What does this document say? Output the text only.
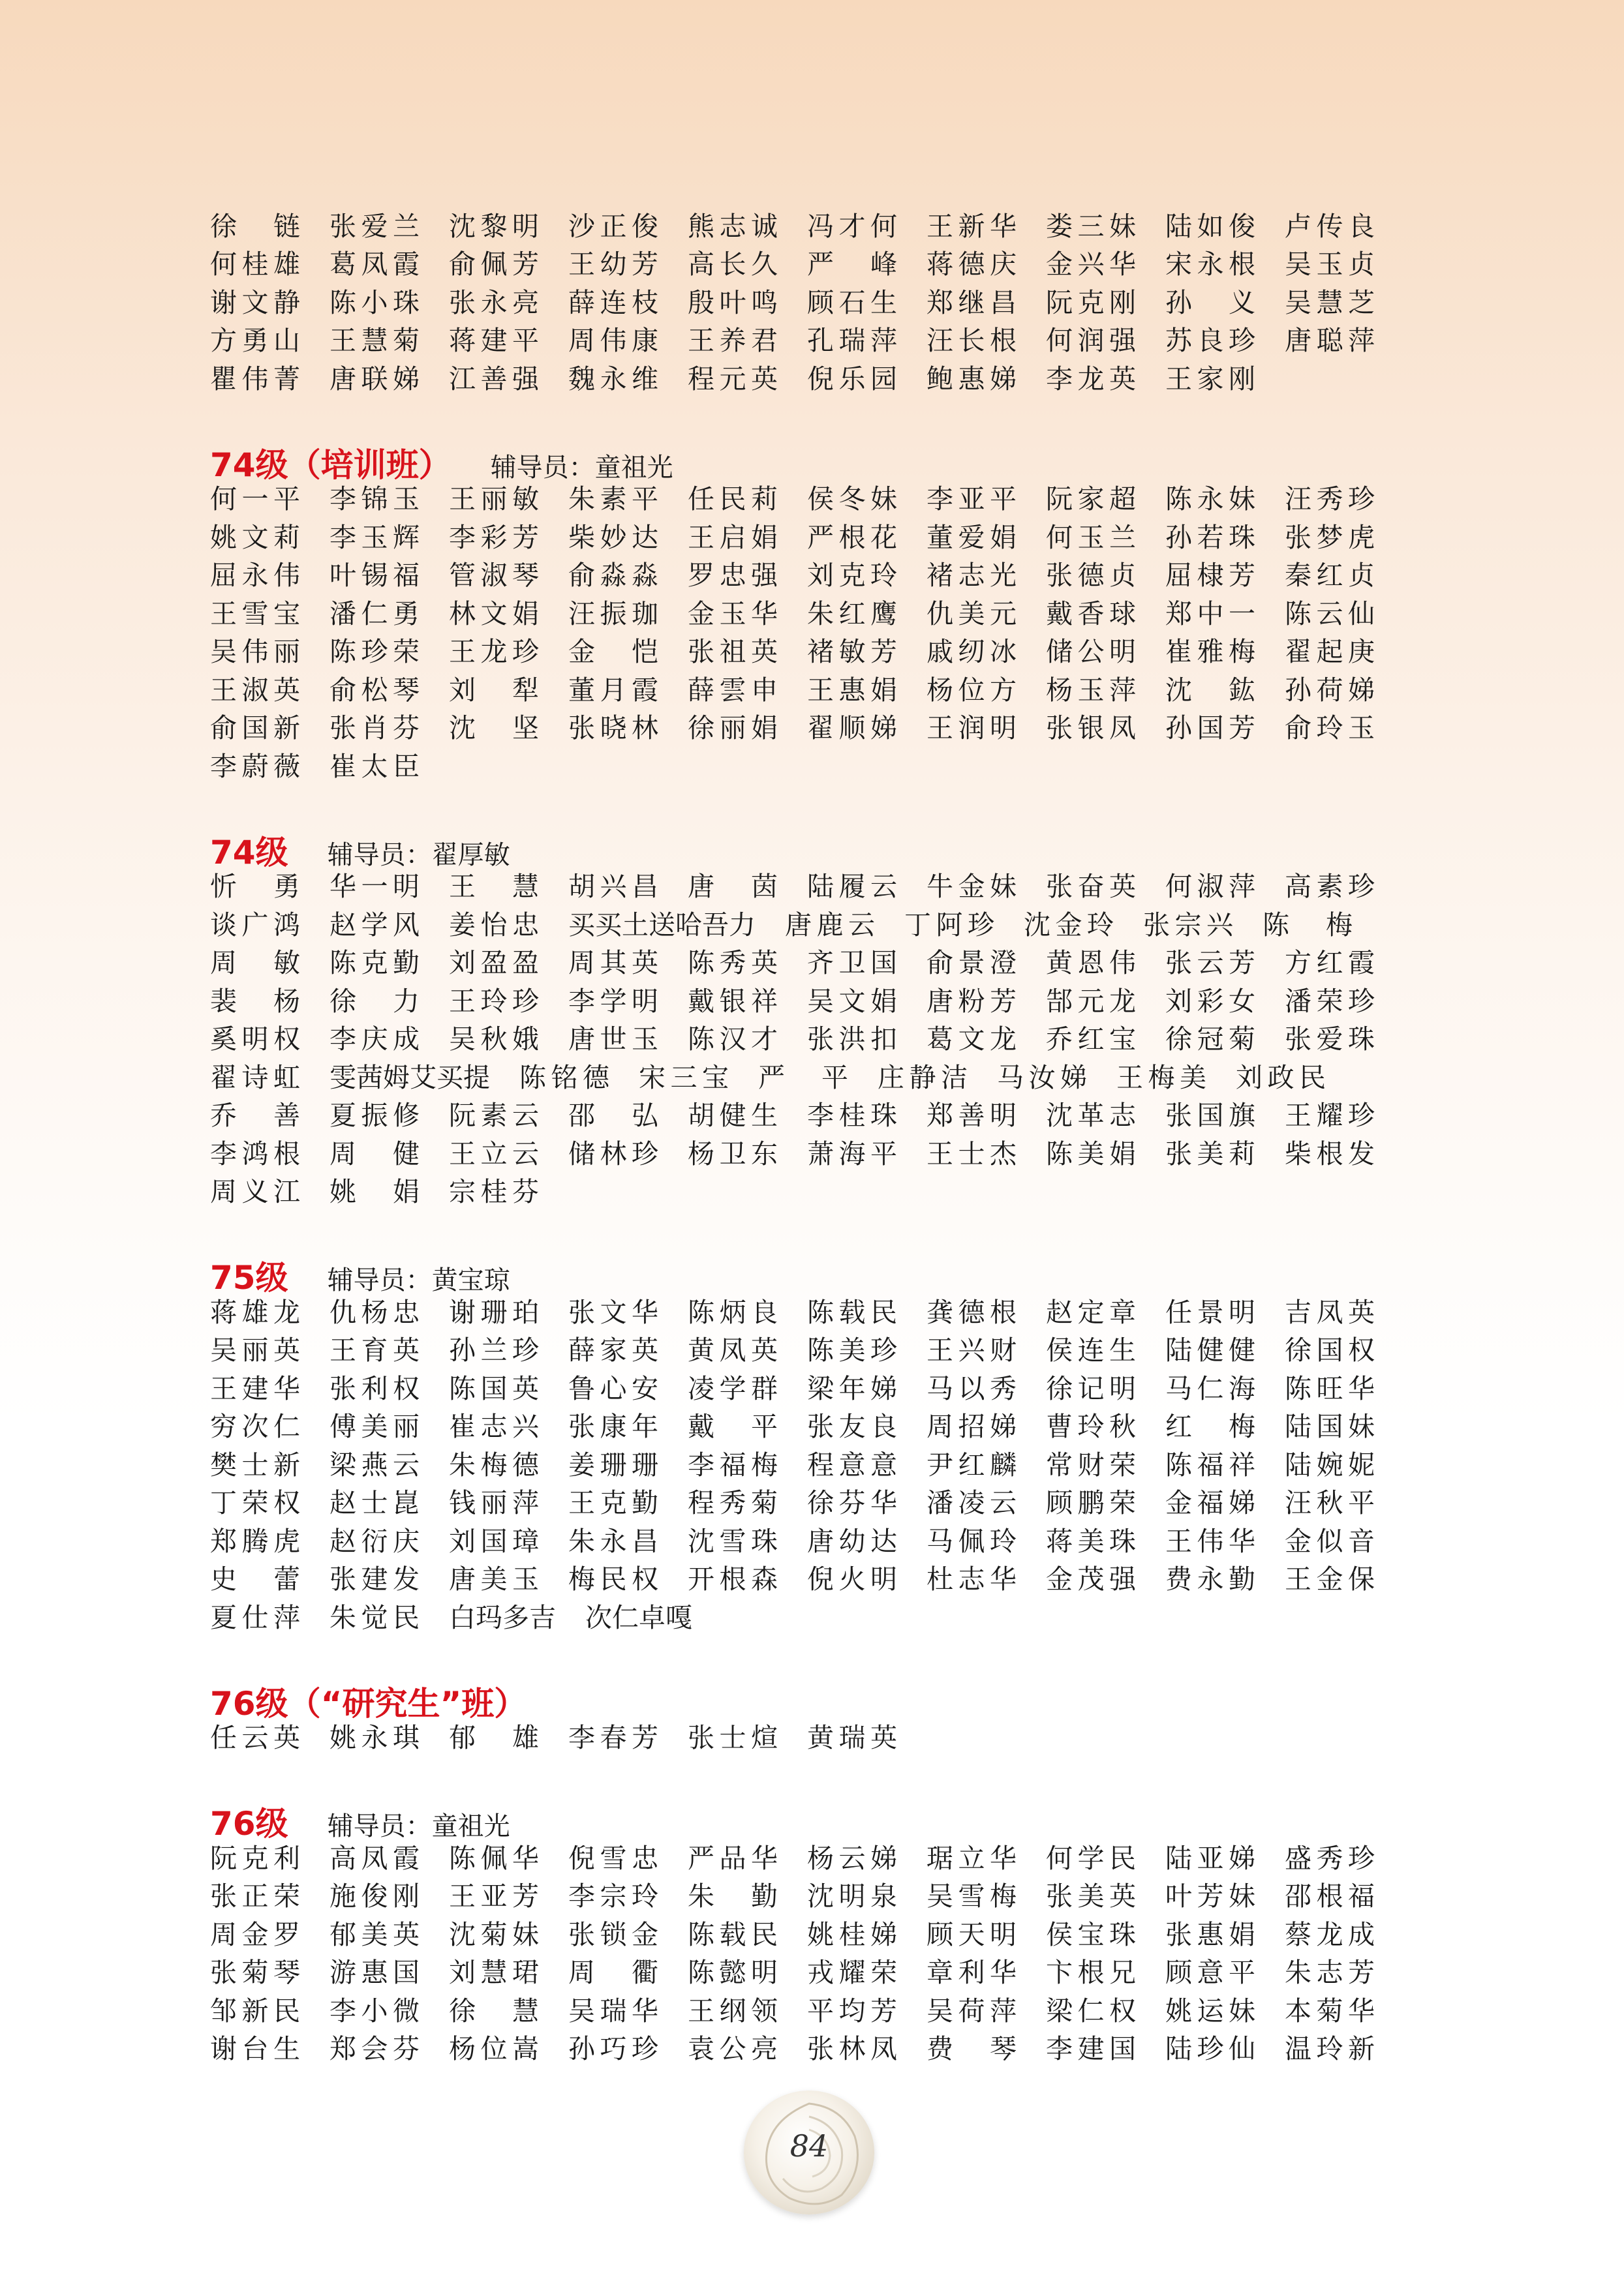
徐　链	张爱兰	沈黎明	沙正俊	熊志诚	冯才何	王新华	娄三妹	陆如俊	卢传良
何桂雄	葛凤霞	俞佩芳	王幼芳	高长久	严　峰	蒋德庆	金兴华	宋永根	吴玉贞
谢文静	陈小珠	张永亮	薛连枝	殷叶鸣	顾石生	郑继昌	阮克刚	孙　义	吴慧芝
方勇山	王慧菊	蒋建平	周伟康	王养君	孔瑞萍	汪长根	何润强	苏良珍	唐聪萍
瞿伟菁	唐联娣	江善强	魏永维	程元英	倪乐园	鲍惠娣	李龙英	王家刚
74级（培训班） 辅导员：童祖光
何一平	李锦玉	王丽敏	朱素平	任民莉	侯冬妹	李亚平	阮家超	陈永妹	汪秀珍
姚文莉	李玉辉	李彩芳	柴妙达	王启娟	严根花	董爱娟	何玉兰	孙若珠	张梦虎
屈永伟	叶锡福	管淑琴	俞淼淼	罗忠强	刘克玲	褚志光	张德贞	屈棣芳	秦红贞
王雪宝	潘仁勇	林文娟	汪振珈	金玉华	朱红鹰	仇美元	戴香球	郑中一	陈云仙
吴伟丽	陈珍荣	王龙珍	金　恺	张祖英	褚敏芳	戚纫冰	储公明	崔雅梅	翟起庚
王淑英	俞松琴	刘　犁	董月霞	薛雲申	王惠娟	杨位方	杨玉萍	沈　鈜	孙荷娣
俞国新	张肖芬	沈　坚	张晓林	徐丽娟	翟顺娣	王润明	张银凤	孙国芳	俞玲玉
李蔚薇	崔太臣
74级 辅导员：翟厚敏
忻　勇	华一明	王　慧	胡兴昌	唐　茵	陆履云	牛金妹	张奋英	何淑萍	高素珍
谈广鸿	赵学风	姜怡忠	买买土送哈吾力	唐鹿云	丁阿珍	沈金玲	张宗兴	陈　梅
周　敏	陈克勤	刘盈盈	周其英	陈秀英	齐卫国	俞景澄	黄恩伟	张云芳	方红霞
裴　杨	徐　力	王玲珍	李学明	戴银祥	吴文娟	唐粉芳	郜元龙	刘彩女	潘荣珍
奚明权	李庆成	吴秋娥	唐世玉	陈汉才	张洪扣	葛文龙	乔红宝	徐冠菊	张爱珠
翟诗虹	雯茜姆艾买提	陈铭德	宋三宝	严　平	庄静洁	马汝娣	王梅美	刘政民
乔　善	夏振修	阮素云	邵　弘	胡健生	李桂珠	郑善明	沈革志	张国旗	王耀珍
李鸿根	周　健	王立云	储林珍	杨卫东	萧海平	王士杰	陈美娟	张美莉	柴根发
周义江	姚　娟	宗桂芬
75级 辅导员：黄宝琼
蒋雄龙	仇杨忠	谢珊珀	张文华	陈炳良	陈载民	龚德根	赵定章	任景明	吉凤英
吴丽英	王育英	孙兰珍	薛家英	黄凤英	陈美珍	王兴财	侯连生	陆健健	徐国权
王建华	张利权	陈国英	鲁心安	凌学群	梁年娣	马以秀	徐记明	马仁海	陈旺华
穷次仁	傅美丽	崔志兴	张康年	戴　平	张友良	周招娣	曹玲秋	红　梅	陆国妹
樊士新	梁燕云	朱梅德	姜珊珊	李福梅	程意意	尹红麟	常财荣	陈福祥	陆婉妮
丁荣权	赵士崑	钱丽萍	王克勤	程秀菊	徐芬华	潘凌云	顾鹏荣	金福娣	汪秋平
郑腾虎	赵衍庆	刘国璋	朱永昌	沈雪珠	唐幼达	马佩玲	蒋美珠	王伟华	金似音
史　蕾	张建发	唐美玉	梅民权	开根森	倪火明	杜志华	金茂强	费永勤	王金保
夏仕萍	朱觉民	白玛多吉	次仁卓嘎
76级（“研究生”班）
任云英	姚永琪	郁　雄	李春芳	张士煊	黄瑞英
76级 辅导员：童祖光
阮克利	高凤霞	陈佩华	倪雪忠	严品华	杨云娣	琚立华	何学民	陆亚娣	盛秀珍
张正荣	施俊刚	王亚芳	李宗玲	朱　勤	沈明泉	吴雪梅	张美英	叶芳妹	邵根福
周金罗	郁美英	沈菊妹	张锁金	陈载民	姚桂娣	顾天明	侯宝珠	张惠娟	蔡龙成
张菊琴	游惠国	刘慧珺	周　衢	陈懿明	戎耀荣	章利华	卞根兄	顾意平	朱志芳
邹新民	李小微	徐　慧	吴瑞华	王纲领	平均芳	吴荷萍	梁仁权	姚运妹	本菊华
谢台生	郑会芬	杨位嵩	孙巧珍	袁公亮	张林凤	费　琴	李建国	陆珍仙	温玲新
84
